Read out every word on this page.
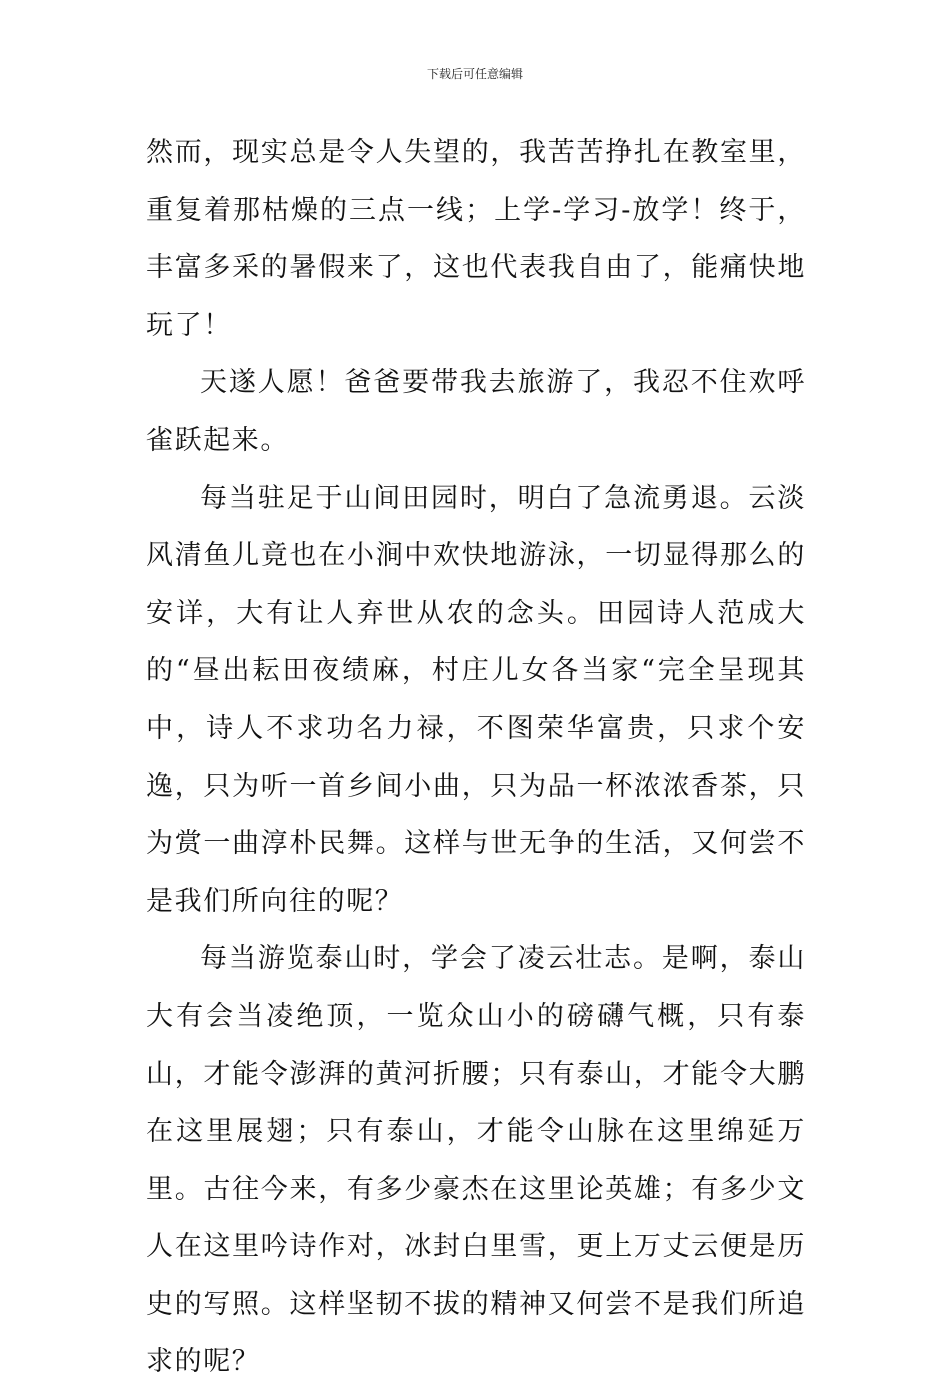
下载后可任意编辑

然而，现实总是令人失望的，我苦苦挣扎在教室里，重复着那枯燥的三点一线；上学-学习-放学！终于，丰富多采的暑假来了，这也代表我自由了，能痛快地玩了！

天遂人愿！爸爸要带我去旅游了，我忍不住欢呼雀跃起来。

每当驻足于山间田园时，明白了急流勇退。云淡风清鱼儿竟也在小涧中欢快地游泳，一切显得那么的安详，大有让人弃世从农的念头。田园诗人范成大的“昼出耘田夜绩麻，村庄儿女各当家“完全呈现其中，诗人不求功名力禄，不图荣华富贵，只求个安逸，只为听一首乡间小曲，只为品一杯浓浓香茶，只为赏一曲淳朴民舞。这样与世无争的生活，又何尝不是我们所向往的呢？

每当游览泰山时，学会了凌云壮志。是啊，泰山大有会当凌绝顶，一览众山小的磅礴气概，只有泰山，才能令澎湃的黄河折腰；只有泰山，才能令大鹏在这里展翅；只有泰山，才能令山脉在这里绵延万里。古往今来，有多少豪杰在这里论英雄；有多少文人在这里吟诗作对，冰封白里雪，更上万丈云便是历史的写照。这样坚韧不拔的精神又何尝不是我们所追求的呢？
